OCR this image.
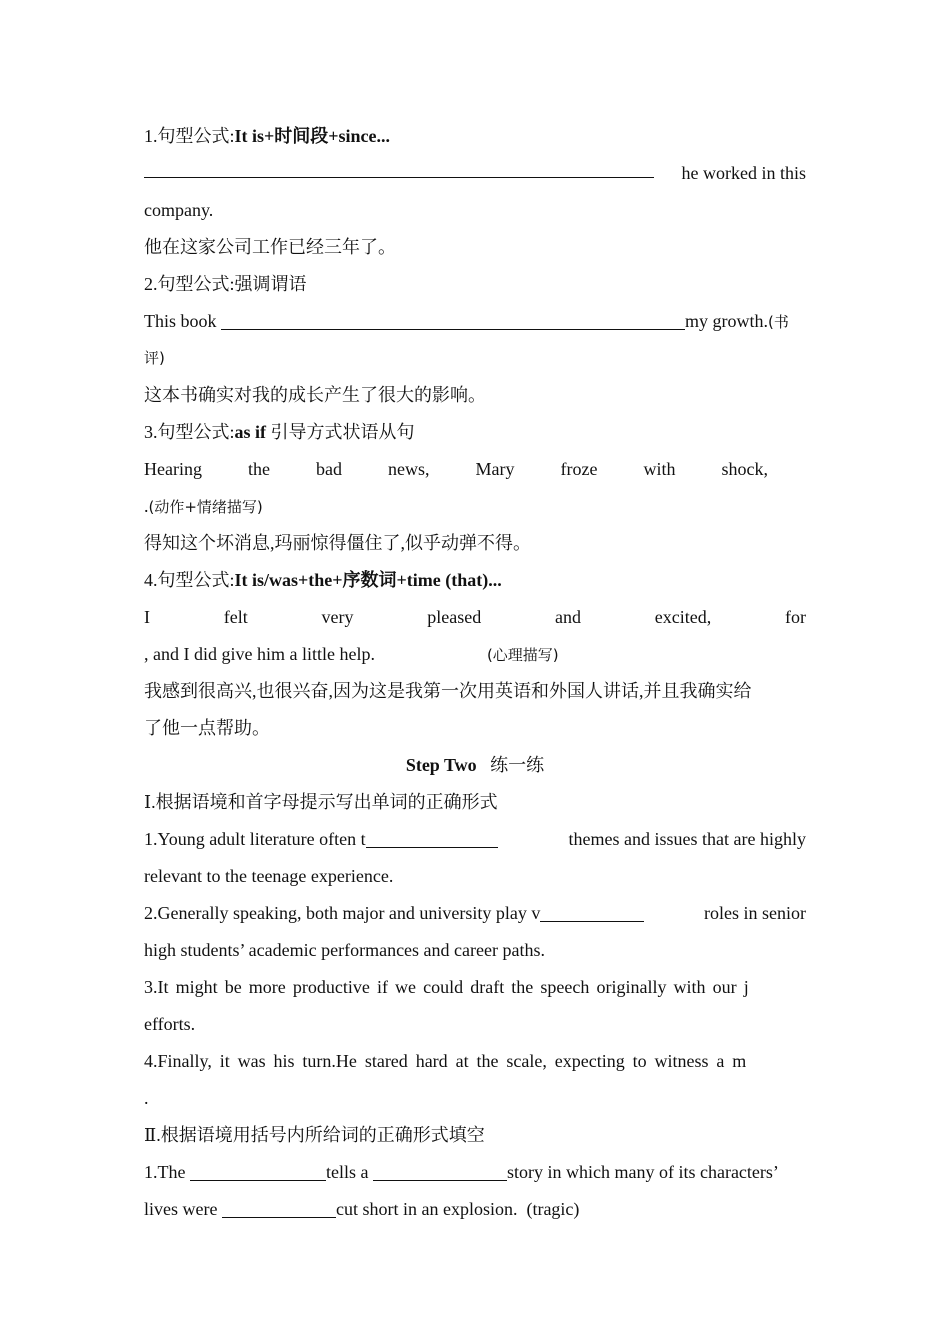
1.句型公式:It is+时间段+since...
he worked in this
company.
他在这家公司工作已经三年了。
2.句型公式:强调谓语
This book	my growth.(书
评)
这本书确实对我的成长产生了很大的影响。
3.句型公式:as if 引导方式状语从句
Hearing	the	bad	news,	Mary	froze	with	shock,
.(动作+情绪描写)
得知这个坏消息,玛丽惊得僵住了,似乎动弹不得。
4.句型公式:It is/was+the+序数词+time (that)...
I	felt	very	pleased	and	excited,	for
, and I did give him a little help.	(心理描写)
我感到很高兴,也很兴奋,因为这是我第一次用英语和外国人讲话,并且我确实给
了他一点帮助。
Step Two 练一练
Ⅰ.根据语境和首字母提示写出单词的正确形式
1.Young adult literature often t	themes and issues that are highly
relevant to the teenage experience.
2.Generally speaking, both major and university play v	roles in senior
high students’ academic performances and career paths.
3.It might be more productive if we could draft the speech originally with our j
efforts.
4.Finally, it was his turn.He stared hard at the scale, expecting to witness a m
.
Ⅱ.根据语境用括号内所给词的正确形式填空
1.The	tells a	story in which many of its characters’
lives were	cut short in an explosion. (tragic)
